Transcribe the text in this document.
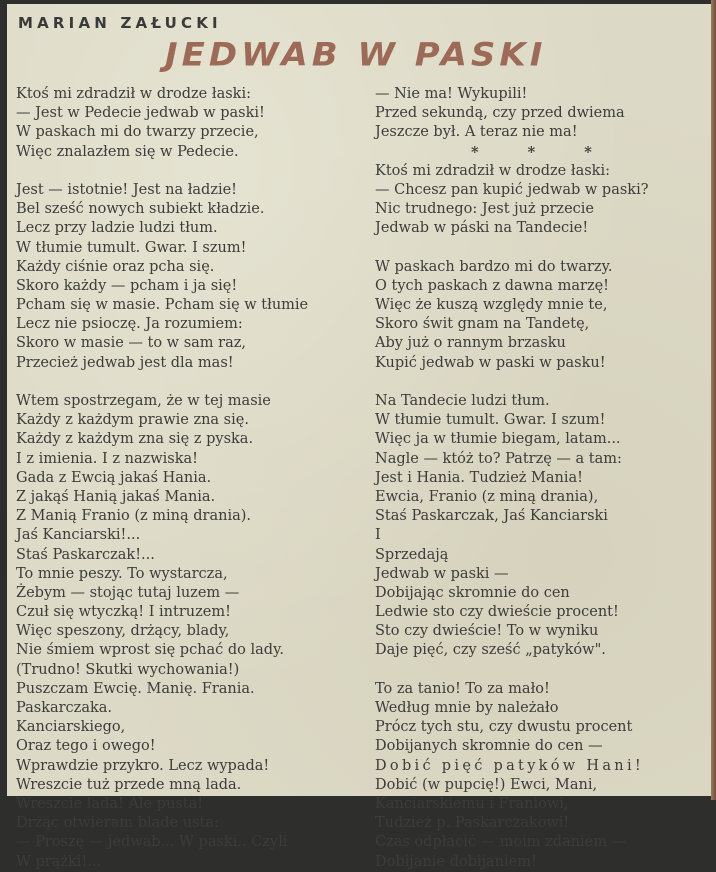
MARIAN ZAŁUCKI
JEDWAB W PASKI
Ktoś mi zdradził w drodze łaski:
— Jest w Pedecie jedwab w paski!
W paskach mi do twarzy przecie,
Więc znalazłem się w Pedecie.

Jest — istotnie! Jest na ładzie!
Bel sześć nowych subiekt kładzie.
Lecz przy ladzie ludzi tłum.
W tłumie tumult. Gwar. I szum!
Każdy ciśnie oraz pcha się.
Skoro każdy — pcham i ja się!
Pcham się w masie. Pcham się w tłumie
Lecz nie psioczę. Ja rozumiem:
Skoro w masie — to w sam raz,
Przecież jedwab jest dla mas!

Wtem spostrzegam, że w tej masie
Każdy z każdym prawie zna się.
Każdy z każdym zna się z pyska.
I z imienia. I z nazwiska!
Gada z Ewcią jakaś Hania.
Z jakąś Hanią jakaś Mania.
Z Manią Franio (z miną drania).
Jaś Kanciarski!...
Staś Paskarczak!...
To mnie peszy. To wystarcza,
Żebym — stojąc tutaj luzem —
Czuł się wtyczką! I intruzem!
Więc speszony, drżący, blady,
Nie śmiem wprost się pchać do lady.
(Trudno! Skutki wychowania!)
Puszczam Ewcię. Manię. Frania.
Paskarczaka.
Kanciarskiego,
Oraz tego i owego!
Wprawdzie przykro. Lecz wypada!
Wreszcie tuż przede mną lada.
Wreszcie lada! Ale pusta!
Drżąc otwieram blade usta:
— Proszę — jedwab... W paski.. Czyli
W prążki!...
— Nie ma! Wykupili!
Przed sekundą, czy przed dwiema
Jeszcze był. A teraz nie ma!
* * *
Ktoś mi zdradził w drodze łaski:
— Chcesz pan kupić jedwab w paski?
Nic trudnego: Jest już przecie
Jedwab w páski na Tandecie!

W paskach bardzo mi do twarzy.
O tych paskach z dawna marzę!
Więc że kuszą względy mnie te,
Skoro świt gnam na Tandetę,
Aby już o rannym brzasku
Kupić jedwab w paski w pasku!

Na Tandecie ludzi tłum.
W tłumie tumult. Gwar. I szum!
Więc ja w tłumie biegam, latam...
Nagle — któż to? Patrzę — a tam:
Jest i Hania. Tudzież Mania!
Ewcia, Franio (z miną drania),
Staś Paskarczak, Jaś Kanciarski
I
Sprzedają
Jedwab w paski —
Dobijając skromnie do cen
Ledwie sto czy dwieście procent!
Sto czy dwieście! To w wyniku
Daje pięć, czy sześć „patyków".

To za tanio! To za mało!
Według mnie by należało
Prócz tych stu, czy dwustu procent
Dobijanych skromnie do cen —
Dobić pięć patyków Hani!
Dobić (w pupcię!) Ewci, Mani,
Kanciarskiemu i Franiowi,
Tudzież p. Paskarczakowi!
Czas odpłacić — moim zdaniem —
Dobijanie dobijaniem!
